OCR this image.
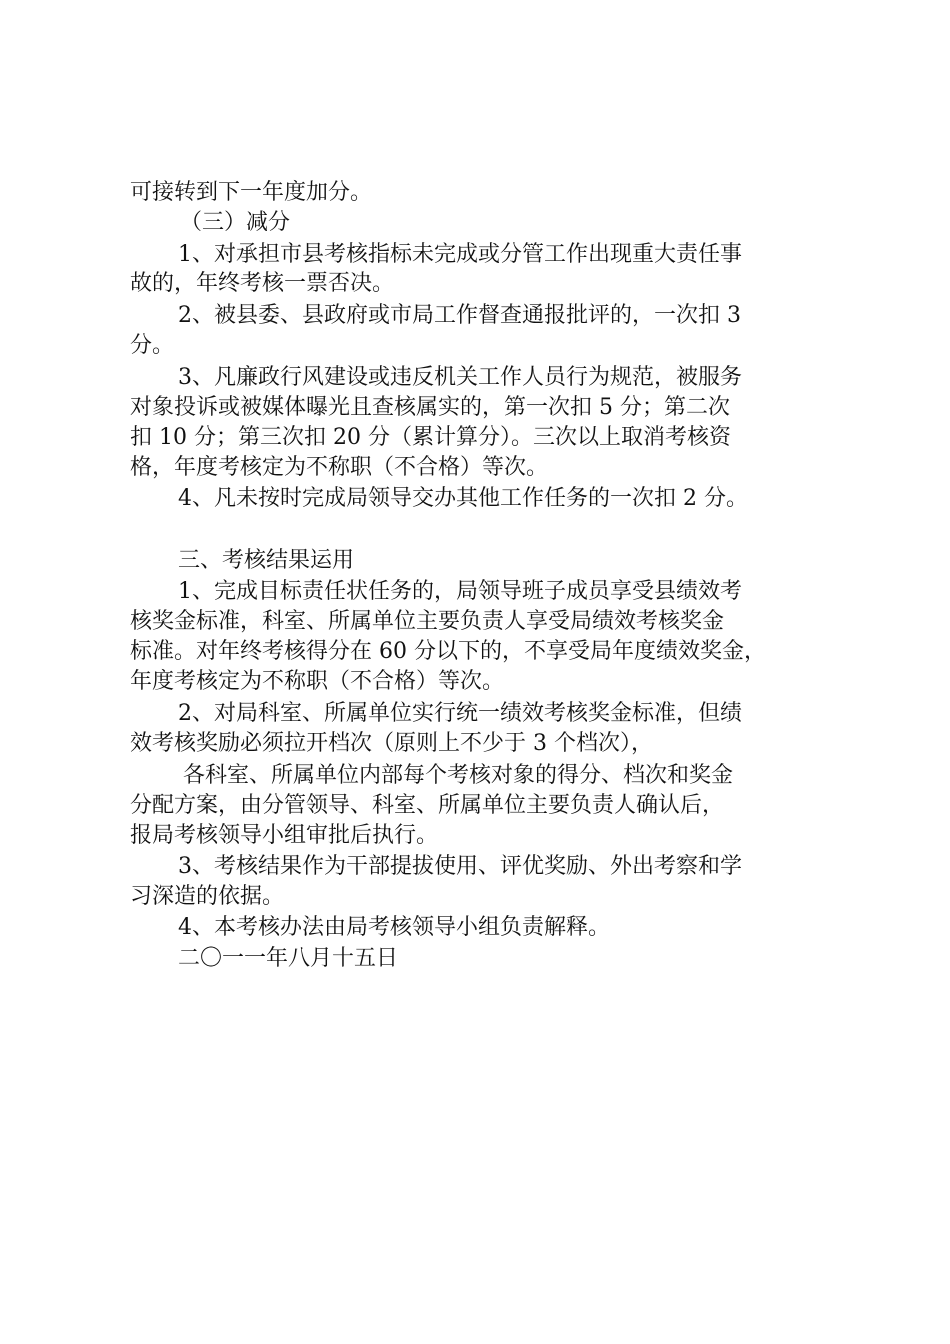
可接转到下一年度加分。
（三）减分
1、对承担市县考核指标未完成或分管工作出现重大责任事
故的，年终考核一票否决。
2、被县委、县政府或市局工作督查通报批评的，一次扣 3
分。
3、凡廉政行风建设或违反机关工作人员行为规范，被服务
对象投诉或被媒体曝光且查核属实的，第一次扣 5 分；第二次
扣 10 分；第三次扣 20 分（累计算分）。三次以上取消考核资
格，年度考核定为不称职（不合格）等次。
4、凡未按时完成局领导交办其他工作任务的一次扣 2 分。
三、考核结果运用
1、完成目标责任状任务的，局领导班子成员享受县绩效考
核奖金标准，科室、所属单位主要负责人享受局绩效考核奖金
标准。对年终考核得分在 60 分以下的，不享受局年度绩效奖金，
年度考核定为不称职（不合格）等次。
2、对局科室、所属单位实行统一绩效考核奖金标准，但绩
效考核奖励必须拉开档次（原则上不少于 3 个档次），
各科室、所属单位内部每个考核对象的得分、档次和奖金
分配方案，由分管领导、科室、所属单位主要负责人确认后，
报局考核领导小组审批后执行。
3、考核结果作为干部提拔使用、评优奖励、外出考察和学
习深造的依据。
4、本考核办法由局考核领导小组负责解释。
二〇一一年八月十五日
